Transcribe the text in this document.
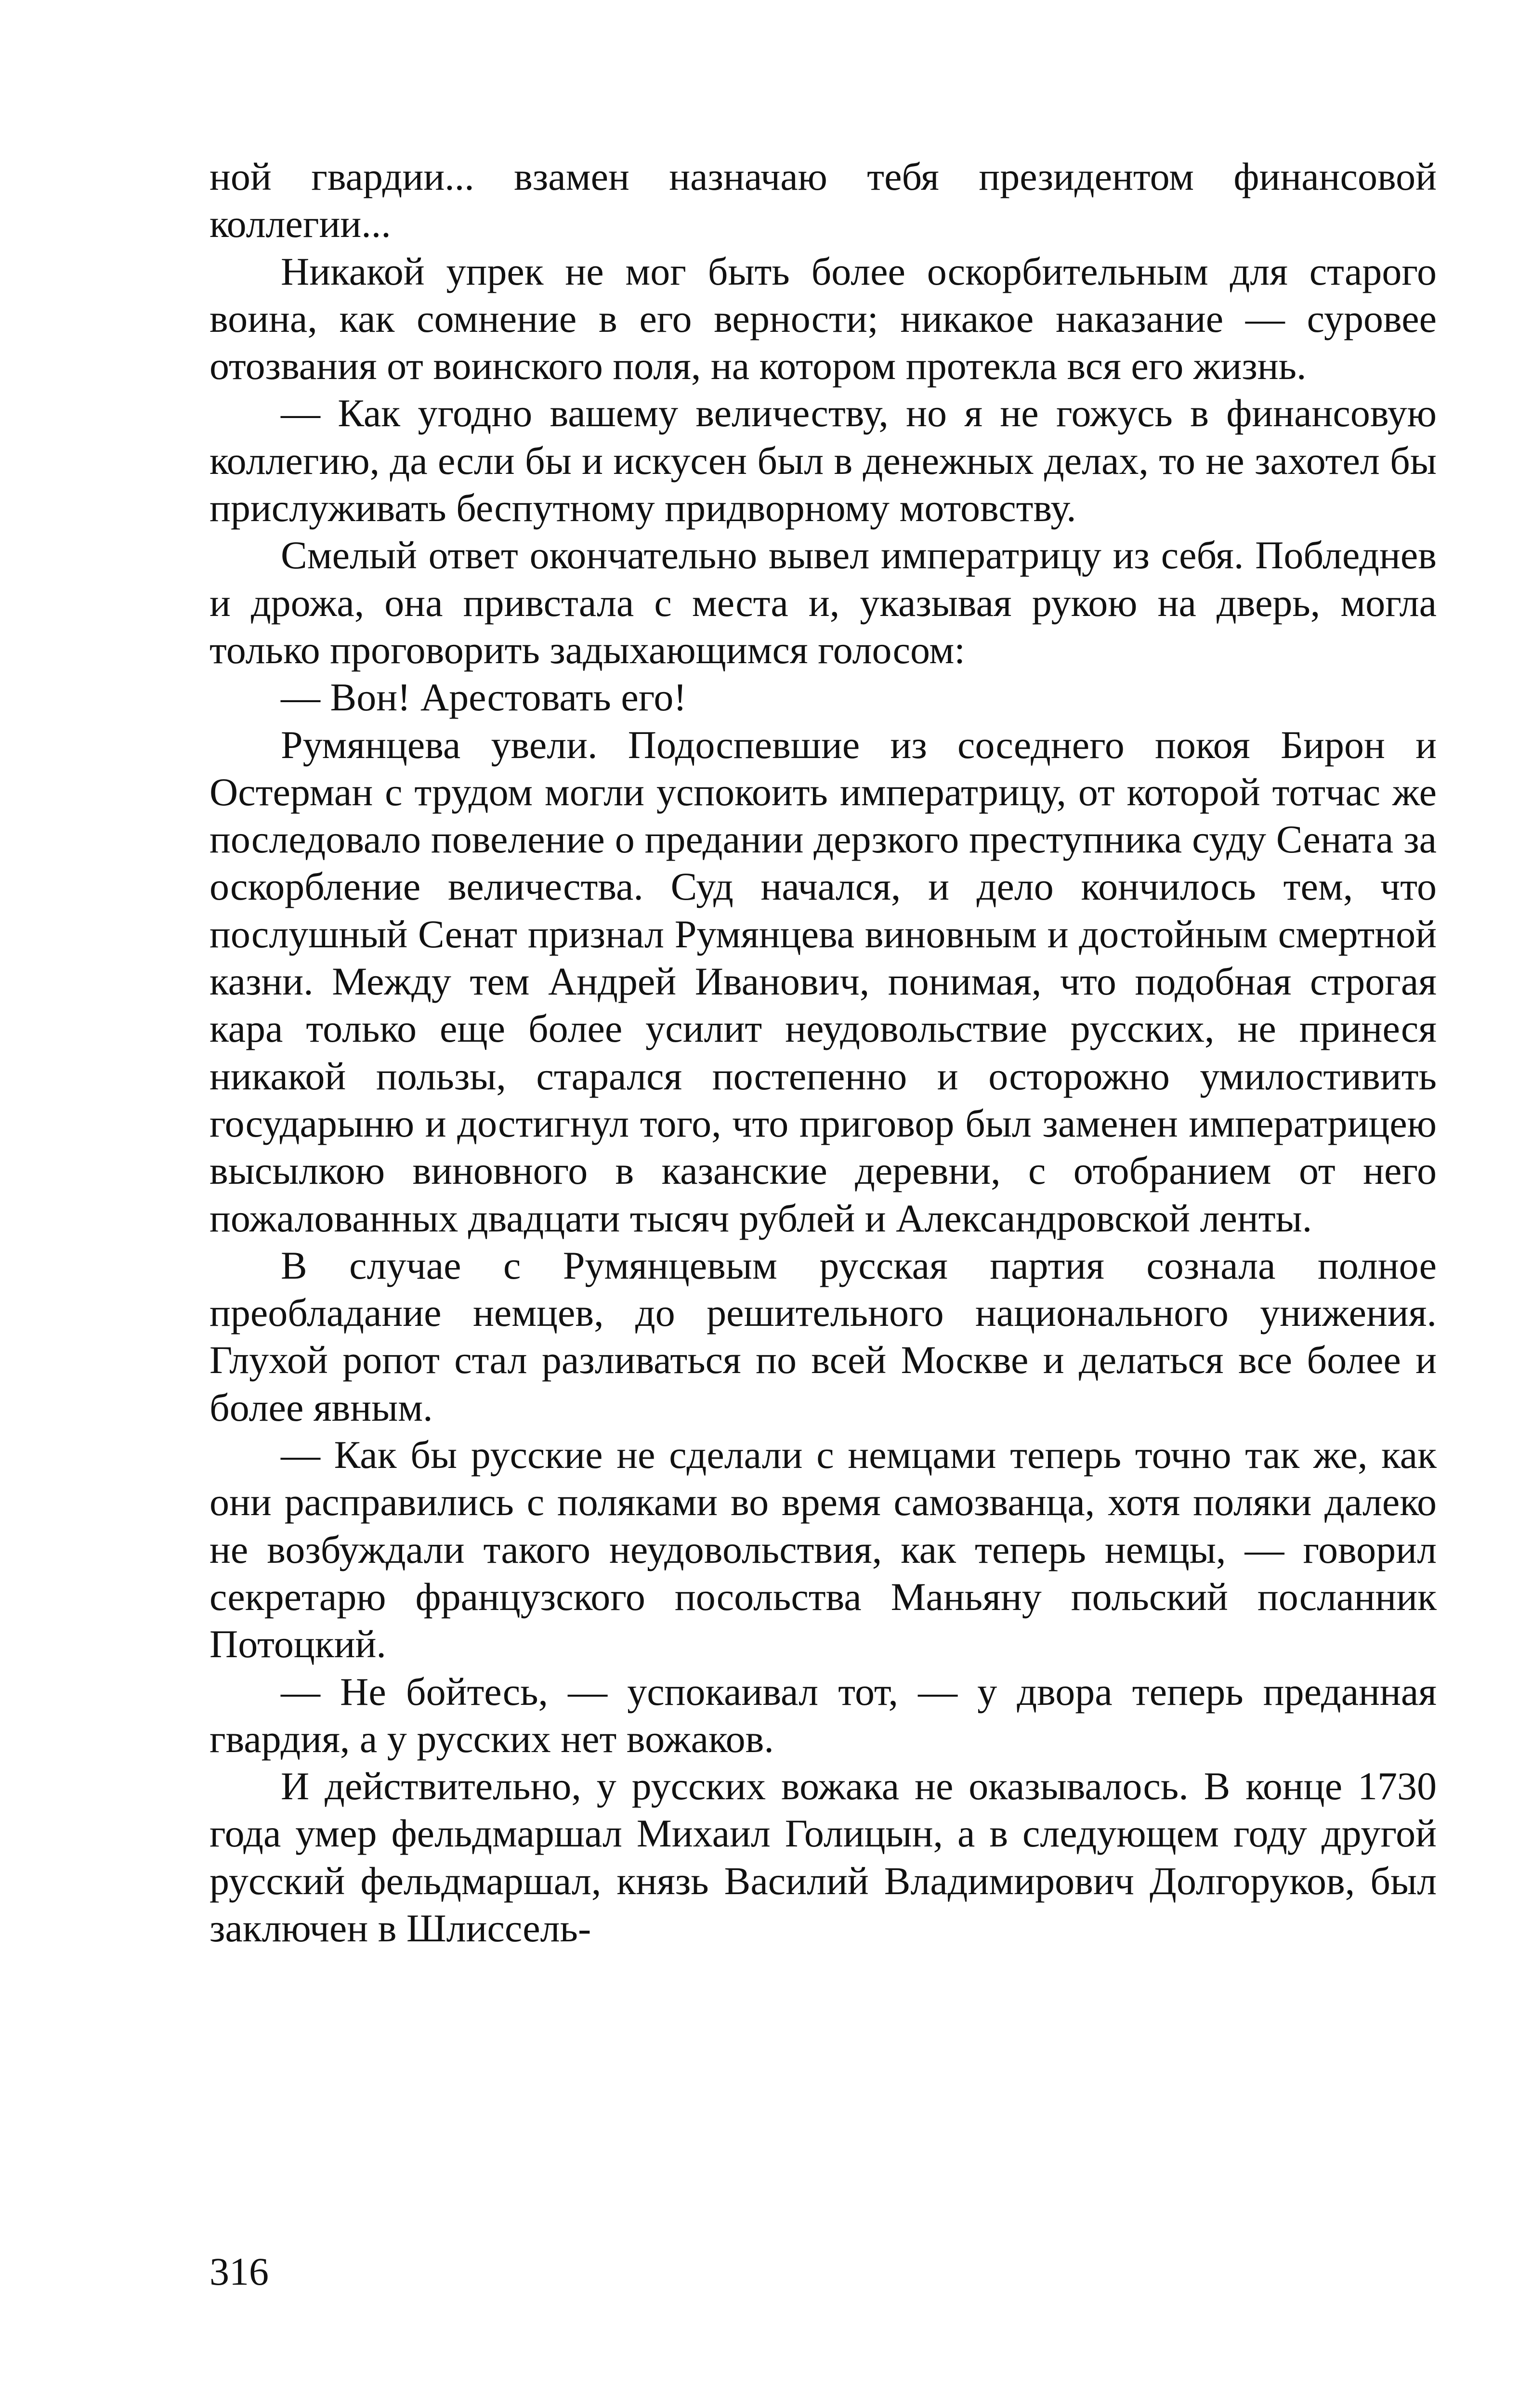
ной гвардии... взамен назначаю тебя президентом финансовой коллегии...

Никакой упрек не мог быть более оскорбительным для старого воина, как сомнение в его верности; никакое наказание — суровее отозвания от воинского поля, на котором протекла вся его жизнь.

— Как угодно вашему величеству, но я не гожусь в финансовую коллегию, да если бы и искусен был в денежных делах, то не захотел бы прислуживать беспутному придворному мотовству.

Смелый ответ окончательно вывел императрицу из себя. Побледнев и дрожа, она привстала с места и, указывая рукою на дверь, могла только проговорить задыхающимся голосом:

— Вон! Арестовать его!

Румянцева увели. Подоспевшие из соседнего покоя Бирон и Остерман с трудом могли успокоить императрицу, от которой тотчас же последовало повеление о предании дерзкого преступника суду Сената за оскорбление величества. Суд начался, и дело кончилось тем, что послушный Сенат признал Румянцева виновным и достойным смертной казни. Между тем Андрей Иванович, понимая, что подобная строгая кара только еще более усилит неудовольствие русских, не принеся никакой пользы, старался постепенно и осторожно умилостивить государыню и достигнул того, что приговор был заменен императрицею высылкою виновного в казанские деревни, с отобранием от него пожалованных двадцати тысяч рублей и Александровской ленты.

В случае с Румянцевым русская партия сознала полное преобладание немцев, до решительного национального унижения. Глухой ропот стал разливаться по всей Москве и делаться все более и более явным.

— Как бы русские не сделали с немцами теперь точно так же, как они расправились с поляками во время самозванца, хотя поляки далеко не возбуждали такого неудовольствия, как теперь немцы, — говорил секретарю французского посольства Маньяну польский посланник Потоцкий.

— Не бойтесь, — успокаивал тот, — у двора теперь преданная гвардия, а у русских нет вожаков.

И действительно, у русских вожака не оказывалось. В конце 1730 года умер фельдмаршал Михаил Голицын, а в следующем году другой русский фельдмаршал, князь Василий Владимирович Долгоруков, был заключен в Шлиссель-

316
